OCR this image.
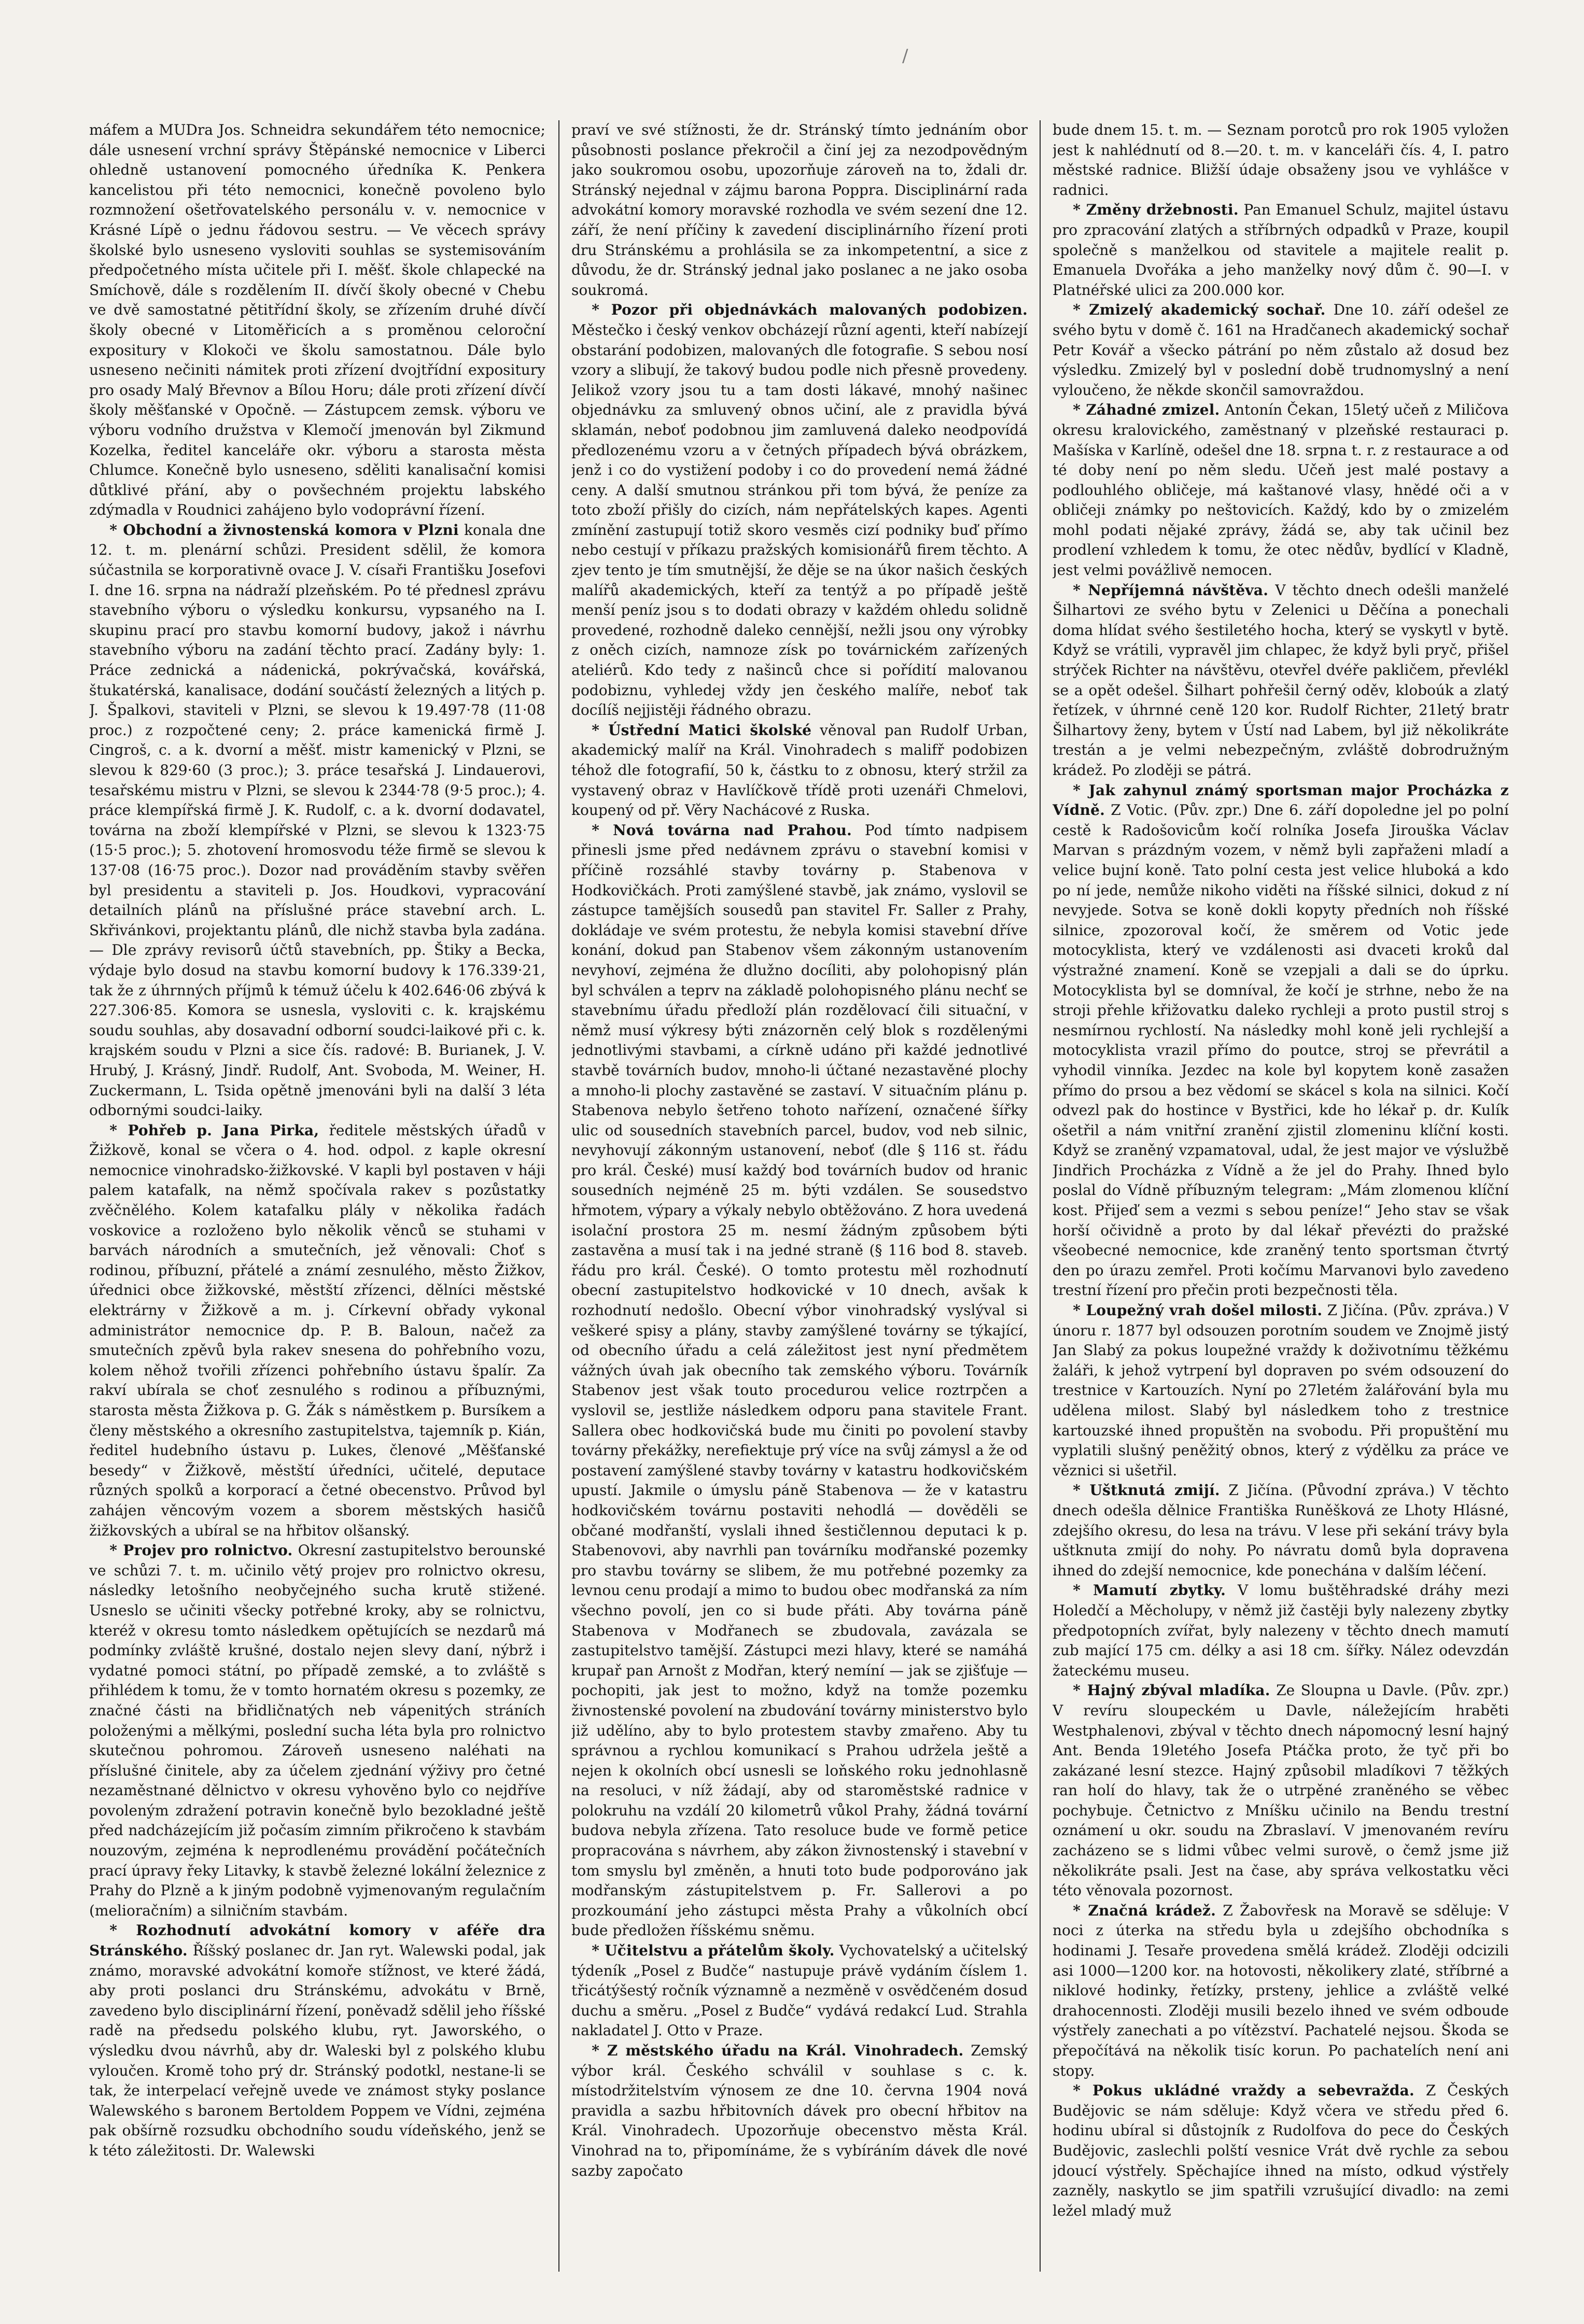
/

máfem a MUDra Jos. Schneidra sekundářem této nemocnice; dále usnesení vrchní správy Štěpánské nemocnice v Liberci ohledně ustanovení pomocného úředníka K. Penkera kancelistou při této nemocnici, konečně povoleno bylo rozmnožení ošetřovatelského personálu v. v. nemocnice v Krásné Lípě o jednu řádovou sestru. — Ve věcech správy školské bylo usneseno vysloviti souhlas se systemisováním předpočetného místa učitele při I. měšť. škole chlapecké na Smíchově, dále s rozdělením II. dívčí školy obecné v Chebu ve dvě samostatné pětitřídní školy, se zřízením druhé dívčí školy obecné v Litoměřicích a s proměnou celoroční expositury v Klokoči ve školu samostatnou. Dále bylo usneseno nečiniti námitek proti zřízení dvojtřídní expositury pro osady Malý Břevnov a Bílou Horu; dále proti zřízení dívčí školy měšťanské v Opočně. — Zástupcem zemsk. výboru ve výboru vodního družstva v Klemočí jmenován byl Zikmund Kozelka, ředitel kanceláře okr. výboru a starosta města Chlumce. Konečně bylo usneseno, sděliti kanalisační komisi důtklivé přání, aby o povšechném projektu labského zdýmadla v Roudnici zahájeno bylo vodoprávní řízení.

* Obchodní a živnostenská komora v Plzni konala dne 12. t. m. plenární schůzi. President sdělil, že komora súčastnila se korporativně ovace J. V. císaři Františku Josefovi I. dne 16. srpna na nádraží plzeňském. Po té přednesl zprávu stavebního výboru o výsledku konkursu, vypsaného na I. skupinu prací pro stavbu komorní budovy, jakož i návrhu stavebního výboru na zadání těchto prací. Zadány byly: 1. Práce zednická a nádenická, pokrývačská, kovářská, štukatérská, kanalisace, dodání součástí železných a litých p. J. Špalkovi, staviteli v Plzni, se slevou k 19.497·78 (11·08 proc.) z rozpočtené ceny; 2. práce kamenická firmě J. Cingroš, c. a k. dvorní a měšť. mistr kamenický v Plzni, se slevou k 829·60 (3 proc.); 3. práce tesařská J. Lindauerovi, tesařskému mistru v Plzni, se slevou k 2344·78 (9·5 proc.); 4. práce klempířská firmě J. K. Rudolf, c. a k. dvorní dodavatel, továrna na zboží klempířské v Plzni, se slevou k 1323·75 (15·5 proc.); 5. zhotovení hromosvodu téže firmě se slevou k 137·08 (16·75 proc.). Dozor nad prováděním stavby svěřen byl presidentu a staviteli p. Jos. Houdkovi, vypracování detailních plánů na příslušné práce stavební arch. L. Skřivánkovi, projektantu plánů, dle nichž stavba byla zadána. — Dle zprávy revisorů účtů stavebních, pp. Štiky a Becka, výdaje bylo dosud na stavbu komorní budovy k 176.339·21, tak že z úhrnných příjmů k témuž účelu k 402.646·06 zbývá k 227.306·85. Komora se usnesla, vysloviti c. k. krajskému soudu souhlas, aby dosavadní odborní soudci-laikové při c. k. krajském soudu v Plzni a sice čís. radové: B. Burianek, J. V. Hrubý, J. Krásný, Jindř. Rudolf, Ant. Svoboda, M. Weiner, H. Zuckermann, L. Tsida opětně jmenováni byli na další 3 léta odbornými soudci-laiky.

* Pohřeb p. Jana Pirka, ředitele městských úřadů v Žižkově, konal se včera o 4. hod. odpol. z kaple okresní nemocnice vinohradsko-žižkovské. V kapli byl postaven v háji palem katafalk, na němž spočívala rakev s pozůstatky zvěčnělého. Kolem katafalku plály v několika řadách voskovice a rozloženo bylo několik věnců se stuhami v barvách národních a smutečních, jež věnovali: Choť s rodinou, příbuzní, přátelé a známí zesnulého, město Žižkov, úřednici obce žižkovské, městští zřízenci, dělníci městské elektrárny v Žižkově a m. j. Církevní obřady vykonal administrátor nemocnice dp. P. B. Baloun, načež za smutečních zpěvů byla rakev snesena do pohřebního vozu, kolem něhož tvořili zřízenci pohřebního ústavu špalír. Za rakví ubírala se choť zesnulého s rodinou a příbuznými, starosta města Žižkova p. G. Žák s náměstkem p. Bursíkem a členy městského a okresního zastupitelstva, tajemník p. Kián, ředitel hudebního ústavu p. Lukes, členové „Měšťanské besedy“ v Žižkově, městští úředníci, učitelé, deputace různých spolků a korporací a četné obecenstvo. Průvod byl zahájen věncovým vozem a sborem městských hasičů žižkovských a ubíral se na hřbitov olšanský.

* Projev pro rolnictvo. Okresní zastupitelstvo berounské ve schůzi 7. t. m. učinilo větý projev pro rolnictvo okresu, následky letošního neobyčejného sucha krutě stižené. Usneslo se učiniti všecky potřebné kroky, aby se rolnictvu, kteréž v okresu tomto následkem opětujících se nezdarů má podmínky zvláště krušné, dostalo nejen slevy daní, nýbrž i vydatné pomoci státní, po případě zemské, a to zvláště s přihlédem k tomu, že v tomto hornatém okresu s pozemky, ze značné části na břidličnatých neb vápenitých stráních položenými a mělkými, poslední sucha léta byla pro rolnictvo skutečnou pohromou. Zároveň usneseno naléhati na příslušné činitele, aby za účelem zjednání výživy pro četné nezaměstnané dělnictvo v okresu vyhověno bylo co nejdříve povoleným zdražení potravin konečně bylo bezokladné ještě před nadcházejícím již počasím zimním přikročeno k stavbám nouzovým, zejména k neprodlenému provádění počátečních prací úpravy řeky Litavky, k stavbě železné lokální železnice z Prahy do Plzně a k jiným podobně vyjmenovaným regulačním (melioračním) a silničním stavbám.

* Rozhodnutí advokátní komory v aféře dra Stránského. Říšský poslanec dr. Jan ryt. Walewski podal, jak známo, moravské advokátní komoře stížnost, ve které žádá, aby proti poslanci dru Stránskému, advokátu v Brně, zavedeno bylo disciplinární řízení, poněvadž sdělil jeho říšské radě na předsedu polského klubu, ryt. Jaworského, o výsledku dvou návrhů, aby dr. Waleski byl z polského klubu vyloučen. Kromě toho prý dr. Stránský podotkl, nestane-li se tak, že interpelací veřejně uvede ve známost styky poslance Walewského s baronem Bertoldem Poppem ve Vídni, zejména pak obšírně rozsudku obchodního soudu vídeňského, jenž se k této záležitosti. Dr. Walewski

praví ve své stížnosti, že dr. Stránský tímto jednáním obor působnosti poslance překročil a činí jej za nezodpovědným jako soukromou osobu, upozorňuje zároveň na to, ždali dr. Stránský nejednal v zájmu barona Poppra. Disciplinární rada advokátní komory moravské rozhodla ve svém sezení dne 12. září, že není příčiny k zavedení disciplinárního řízení proti dru Stránskému a prohlásila se za inkompetentní, a sice z důvodu, že dr. Stránský jednal jako poslanec a ne jako osoba soukromá.

* Pozor při objednávkách malovaných podobizen. Městečko i český venkov obcházejí různí agenti, kteří nabízejí obstarání podobizen, malovaných dle fotografie. S sebou nosí vzory a slibují, že takový budou podle nich přesně provedeny. Jelikož vzory jsou tu a tam dosti lákavé, mnohý našinec objednávku za smluvený obnos učiní, ale z pravidla bývá sklamán, neboť podobnou jim zamluvená daleko neodpovídá předlozenému vzoru a v četných případech bývá obrázkem, jenž i co do vystižení podoby i co do provedení nemá žádné ceny. A další smutnou stránkou při tom bývá, že peníze za toto zboží přišly do cizích, nám nepřátelských kapes. Agenti zmínění zastupují totiž skoro vesměs cizí podniky buď přímo nebo cestují v příkazu pražských komisionářů firem těchto. A zjev tento je tím smutnější, že děje se na úkor našich českých malířů akademických, kteří za tentýž a po případě ještě menší peníz jsou s to dodati obrazy v každém ohledu solidně provedené, rozhodně daleko cennější, nežli jsou ony výrobky z oněch cizích, namnoze získ po továrnickém zařízených ateliérů. Kdo tedy z našinců chce si pořídití malovanou podobiznu, vyhledej vždy jen českého malíře, neboť tak docílíš nejjistěji řádného obrazu.

* Ústřední Matici školské věnoval pan Rudolf Urban, akademický malíř na Král. Vinohradech s malifř podobizen téhož dle fotografií, 50 k, částku to z obnosu, který stržil za vystavený obraz v Havlíčkově třídě proti uzenáři Chmelovi, koupený od př. Věry Nachácové z Ruska.

* Nová továrna nad Prahou. Pod tímto nadpisem přinesli jsme před nedávnem zprávu o stavební komisi v příčině rozsáhlé stavby továrny p. Stabenova v Hodkovičkách. Proti zamýšlené stavbě, jak známo, vyslovil se zástupce tamějších sousedů pan stavitel Fr. Saller z Prahy, dokládaje ve svém protestu, že nebyla komisi stavební dříve konání, dokud pan Stabenov všem zákonným ustanovením nevyhoví, zejména že dlužno docíliti, aby polohopisný plán byl schválen a teprv na základě polohopisného plánu nechť se stavebnímu úřadu předloží plán rozdělovací čili situační, v němž musí výkresy býti znázorněn celý blok s rozdělenými jednotlivými stavbami, a církně udáno při každé jednotlivé stavbě továrních budov, mnoho-li účtané nezastavěné plochy a mnoho-li plochy zastavěné se zastaví. V situačním plánu p. Stabenova nebylo šetřeno tohoto nařízení, označené šířky ulic od sousedních stavebních parcel, budov, vod neb silnic, nevyhovují zákonným ustanovení, neboť (dle § 116 st. řádu pro král. České) musí každý bod továrních budov od hranic sousedních nejméně 25 m. býti vzdálen. Se sousedstvo hřmotem, výpary a výkaly nebylo obtěžováno. Z hora uvedená isolační prostora 25 m. nesmí žádným způsobem býti zastavěna a musí tak i na jedné straně (§ 116 bod 8. staveb. řádu pro král. České). O tomto protestu měl rozhodnutí obecní zastupitelstvo hodkovické v 10 dnech, avšak k rozhodnutí nedošlo. Obecní výbor vinohradský vyslýval si veškeré spisy a plány, stavby zamýšlené továrny se týkající, od obecního úřadu a celá záležitost jest nyní předmětem vážných úvah jak obecního tak zemského výboru. Továrník Stabenov jest však touto procedurou velice roztrpčen a vyslovil se, jestliže následkem odporu pana stavitele Frant. Sallera obec hodkovičská bude mu činiti po povolení stavby továrny překážky, nerefiektuje prý více na svůj zámysl a že od postavení zamýšlené stavby továrny v katastru hodkovičském upustí. Jakmile o úmyslu páně Stabenova — že v katastru hodkovičském továrnu postaviti nehodlá — dověděli se občané modřanští, vyslali ihned šestičlennou deputaci k p. Stabenovovi, aby navrhli pan továrníku modřanské pozemky pro stavbu továrny se slibem, že mu potřebné pozemky za levnou cenu prodají a mimo to budou obec modřanská za ním všechno povolí, jen co si bude přáti. Aby továrna páně Stabenova v Modřanech se zbudovala, zavázala se zastupitelstvo tamější. Zástupci mezi hlavy, které se namáhá krupař pan Arnošt z Modřan, který nemíní — jak se zjišťuje — pochopiti, jak jest to možno, když na tomže pozemku živnostenské povolení na zbudování továrny ministerstvo bylo již udělíno, aby to bylo protestem stavby zmařeno. Aby tu správnou a rychlou komunikací s Prahou udržela ještě a nejen k okolních obcí usnesli se loňského roku jednohlasně na resoluci, v níž žádají, aby od staroměstské radnice v polokruhu na vzdálí 20 kilometrů vůkol Prahy, žádná tovární budova nebyla zřízena. Tato resoluce bude ve formě petice propracována s návrhem, aby zákon živnostenský i stavební v tom smyslu byl změněn, a hnuti toto bude podporováno jak modřanským zástupitelstvem p. Fr. Sallerovi a po prozkoumání jeho zástupci města Prahy a vůkolních obcí bude předložen říšskému sněmu.

* Učitelstvu a přátelům školy. Vychovatelský a učitelský týdeník „Posel z Budče“ nastupuje právě vydáním číslem 1. třicátýšestý ročník významně a nezměně v osvědčeném dosud duchu a směru. „Posel z Budče“ vydává redakcí Lud. Strahla nakladatel J. Otto v Praze.

* Z městského úřadu na Král. Vinohradech. Zemský výbor král. Českého schválil v souhlase s c. k. místodržitelstvím výnosem ze dne 10. června 1904 nová pravidla a sazbu hřbitovních dávek pro obecní hřbitov na Král. Vinohradech. Upozorňuje obecenstvo města Král. Vinohrad na to, připomínáme, že s vybíráním dávek dle nové sazby započato

bude dnem 15. t. m. — Seznam porotců pro rok 1905 vyložen jest k nahlédnutí od 8.—20. t. m. v kanceláři čís. 4, I. patro městské radnice. Bližší údaje obsaženy jsou ve vyhlášce v radnici.

* Změny držebnosti. Pan Emanuel Schulz, majitel ústavu pro zpracování zlatých a stříbrných odpadků v Praze, koupil společně s manželkou od stavitele a majitele realit p. Emanuela Dvořáka a jeho manželky nový dům č. 90—I. v Platnéřské ulici za 200.000 kor.

* Zmizelý akademický sochař. Dne 10. září odešel ze svého bytu v domě č. 161 na Hradčanech akademický sochař Petr Kovář a všecko pátrání po něm zůstalo až dosud bez výsledku. Zmizelý byl v poslední době trudnomyslný a není vyloučeno, že někde skončil samovraždou.

* Záhadné zmizel. Antonín Čekan, 15letý učeň z Miličova okresu kralovického, zaměstnaný v plzeňské restauraci p. Mašíska v Karlíně, odešel dne 18. srpna t. r. z restaurace a od té doby není po něm sledu. Učeň jest malé postavy a podlouhlého obličeje, má kaštanové vlasy, hnědé oči a v obličeji známky po neštovicích. Každý, kdo by o zmizelém mohl podati nějaké zprávy, žádá se, aby tak učinil bez prodlení vzhledem k tomu, že otec nědův, bydlící v Kladně, jest velmi povážlivě nemocen.

* Nepříjemná návštěva. V těchto dnech odešli manželé Šilhartovi ze svého bytu v Zelenici u Děčína a ponechali doma hlídat svého šestiletého hocha, který se vyskytl v bytě. Když se vrátili, vypravěl jim chlapec, že když byli pryč, přišel strýček Richter na návštěvu, otevřel dvéře pakličem, převlékl se a opět odešel. Šilhart pohřešil černý oděv, kloboúk a zlatý řetízek, v úhrnné ceně 120 kor. Rudolf Richter, 21letý bratr Šilhartovy ženy, bytem v Ústí nad Labem, byl již několikráte trestán a je velmi nebezpečným, zvláště dobrodružným krádež. Po zloději se pátrá.

* Jak zahynul známý sportsman major Procházka z Vídně. Z Votic. (Pův. zpr.) Dne 6. září dopoledne jel po polní cestě k Radošovicům kočí rolníka Josefa Jirouška Václav Marvan s prázdným vozem, v němž byli zapřaženi mladí a velice bujní koně. Tato polní cesta jest velice hluboká a kdo po ní jede, nemůže nikoho viděti na říšské silnici, dokud z ní nevyjede. Sotva se koně dokli kopyty předních noh říšské silnice, zpozoroval kočí, že směrem od Votic jede motocyklista, který ve vzdálenosti asi dvaceti kroků dal výstražné znamení. Koně se vzepjali a dali se do úprku. Motocyklista byl se domníval, že kočí je strhne, nebo že na stroji přehle křižovatku daleko rychleji a proto pustil stroj s nesmírnou rychlostí. Na následky mohl koně jeli rychlejší a motocyklista vrazil přímo do poutce, stroj se převrátil a vyhodil vinníka. Jezdec na kole byl kopytem koně zasažen přímo do prsou a bez vědomí se skácel s kola na silnici. Kočí odvezl pak do hostince v Bystřici, kde ho lékař p. dr. Kulík ošetřil a nám vnitřní zranění zjistil zlomeninu klíční kosti. Když se zraněný vzpamatoval, udal, že jest major ve výslužbě Jindřich Procházka z Vídně a že jel do Prahy. Ihned bylo poslal do Vídně příbuzným telegram: „Mám zlomenou klíční kost. Přijeď sem a vezmi s sebou peníze!“ Jeho stav se však horší očividně a proto by dal lékař převézti do pražské všeobecné nemocnice, kde zraněný tento sportsman čtvrtý den po úrazu zemřel. Proti kočímu Marvanovi bylo zavedeno trestní řízení pro přečin proti bezpečnosti těla.

* Loupežný vrah došel milosti. Z Jičína. (Pův. zpráva.) V únoru r. 1877 byl odsouzen porotním soudem ve Znojmě jistý Jan Slabý za pokus loupežné vraždy k doživotnímu těžkému žaláři, k jehož vytrpení byl dopraven po svém odsouzení do trestnice v Kartouzích. Nyní po 27letém žalářování byla mu udělena milost. Slabý byl následkem toho z trestnice kartouzské ihned propuštěn na svobodu. Při propuštění mu vyplatili slušný peněžitý obnos, který z výdělku za práce ve věznici si ušetřil.

* Uštknutá zmijí. Z Jičína. (Původní zpráva.) V těchto dnech odešla dělnice Františka Runěšková ze Lhoty Hlásné, zdejšího okresu, do lesa na trávu. V lese při sekání trávy byla uštknuta zmijí do nohy. Po návratu domů byla dopravena ihned do zdejší nemocnice, kde ponechána v dalším léčení.

* Mamutí zbytky. V lomu buštěhradské dráhy mezi Holedčí a Měcholupy, v němž již častěji byly nalezeny zbytky předpotopních zvířat, byly nalezeny v těchto dnech mamutí zub mající 175 cm. délky a asi 18 cm. šířky. Nález odevzdán žateckému museu.

* Hajný zbýval mladíka. Ze Sloupna u Davle. (Pův. zpr.) V revíru sloupeckém u Davle, náležejícím hraběti Westphalenovi, zbýval v těchto dnech nápomocný lesní hajný Ant. Benda 19letého Josefa Ptáčka proto, že tyč při bo zakázané lesní stezce. Hajný způsobil mladíkovi 7 těžkých ran holí do hlavy, tak že o utrpěné zraněného se věbec pochybuje. Četnictvo z Mníšku učinilo na Bendu trestní oznámení u okr. soudu na Zbraslaví. V jmenovaném revíru zacházeno se s lidmi vůbec velmi surově, o čemž jsme již několikráte psali. Jest na čase, aby správa velkostatku věci této věnovala pozornost.

* Značná krádež. Z Žabovřesk na Moravě se sděluje: V noci z úterka na středu byla u zdejšího obchodníka s hodinami J. Tesaře provedena smělá krádež. Zloději odcizili asi 1000—1200 kor. na hotovosti, několikery zlaté, stříbrné a niklové hodinky, řetízky, prsteny, jehlice a zvláště velké drahocennosti. Zloději musili bezelo ihned ve svém odboude výstřely zanechati a po vítězství. Pachatelé nejsou. Škoda se přepočítává na několik tisíc korun. Po pachatelích není ani stopy.

* Pokus ukládné vraždy a sebevražda. Z Českých Budějovic se nám sděluje: Když včera ve středu před 6. hodinu ubíral si důstojník z Rudolfova do pece do Českých Budějovic, zaslechli polští vesnice Vrát dvě rychle za sebou jdoucí výstřely. Spěchajíce ihned na místo, odkud výstřely zazněly, naskytlo se jim spatřili vzrušující divadlo: na zemi ležel mladý muž
